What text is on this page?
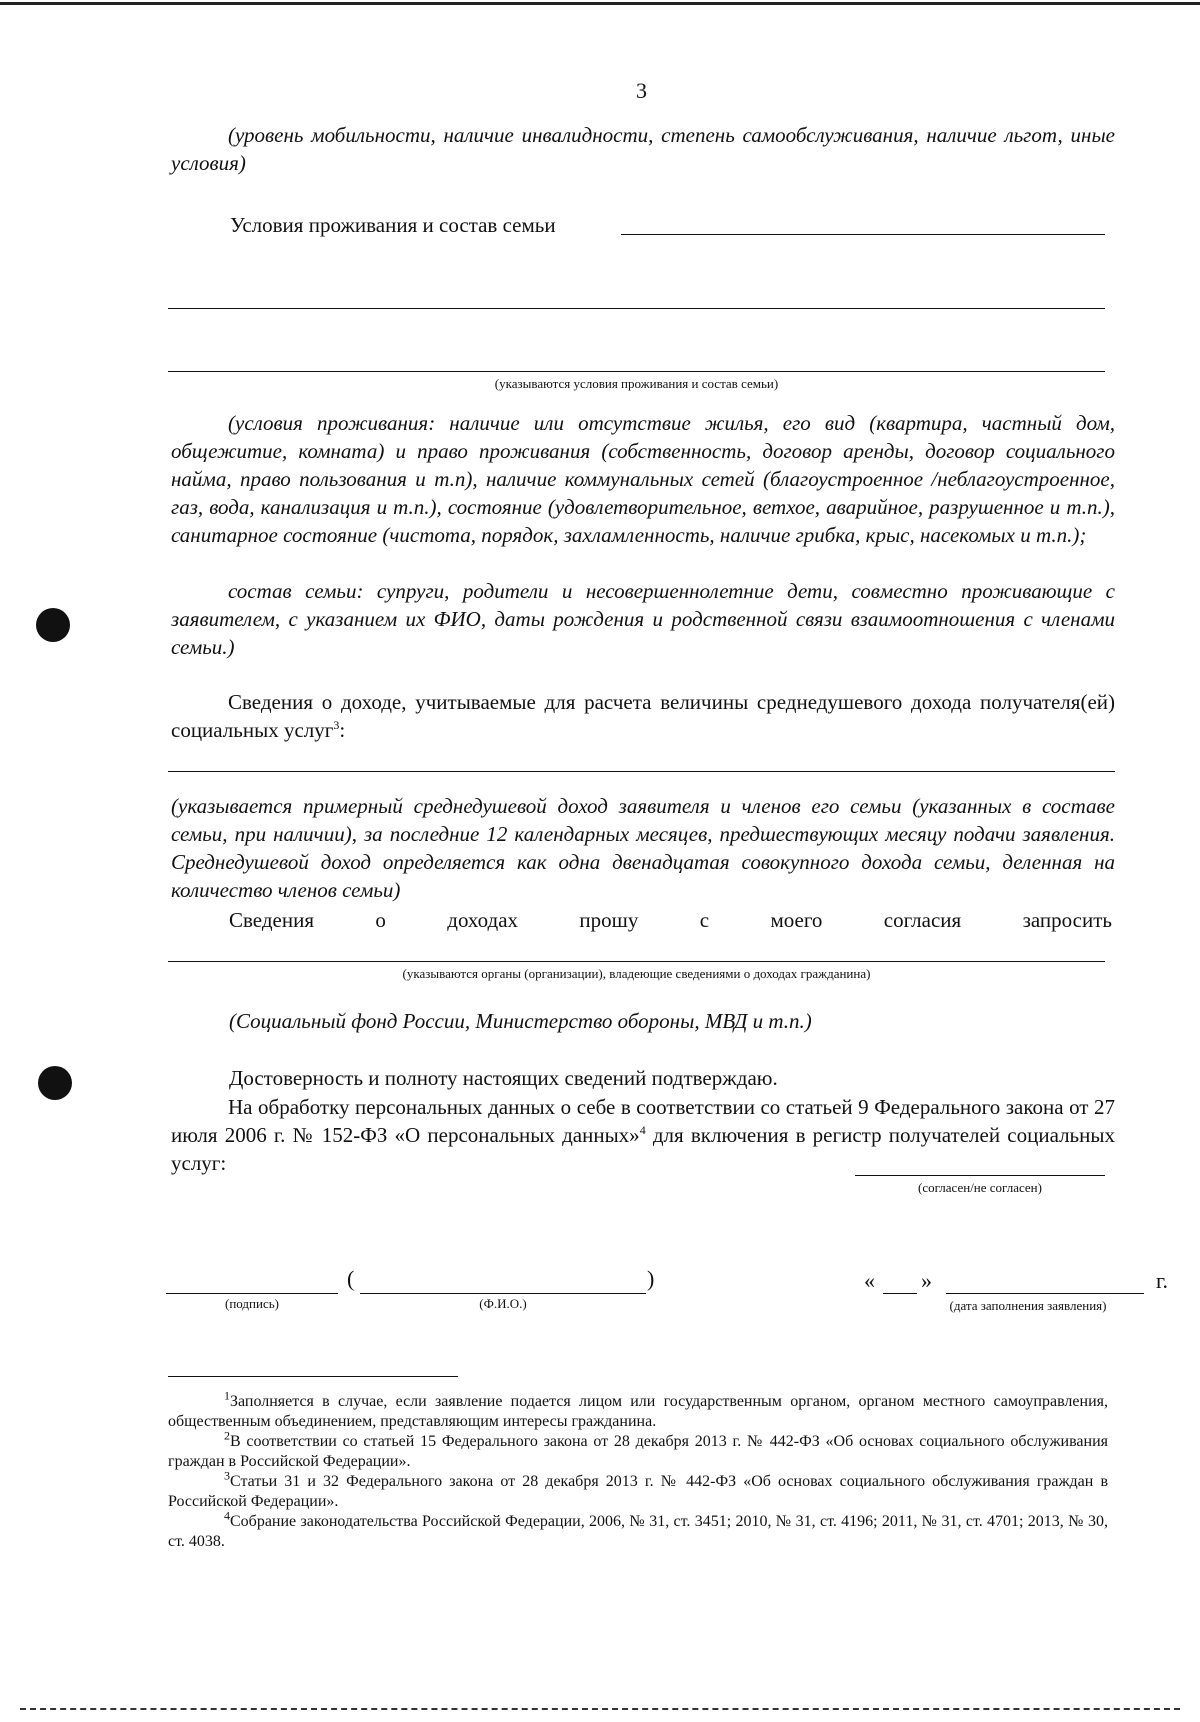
3

(уровень мобильности, наличие инвалидности, степень самообслуживания, наличие льгот, иные условия)

Условия проживания и состав семьи
(указываются условия проживания и состав семьи)

(условия проживания: наличие или отсутствие жилья, его вид (квартира, частный дом, общежитие, комната) и право проживания (собственность, договор аренды, договор социального найма, право пользования и т.п), наличие коммунальных сетей (благоустроенное /неблагоустроенное, газ, вода, канализация и т.п.), состояние (удовлетворительное, ветхое, аварийное, разрушенное и т.п.), санитарное состояние (чистота, порядок, захламленность, наличие грибка, крыс, насекомых и т.п.);

состав семьи: супруги, родители и несовершеннолетние дети, совместно проживающие с заявителем, с указанием их ФИО, даты рождения и родственной связи взаимоотношения с членами семьи.)

Сведения о доходе, учитываемые для расчета величины среднедушевого дохода получателя(ей) социальных услуг$^3$:

(указывается примерный среднедушевой доход заявителя и членов его семьи (указанных в составе семьи, при наличии), за последние 12 календарных месяцев, предшествующих месяцу подачи заявления. Среднедушевой доход определяется как одна двенадцатая совокупного дохода семьи, деленная на количество членов семьи)

Сведения о доходах прошу с моего согласия запросить

(указываются органы (организации), владеющие сведениями о доходах гражданина)

(Социальный фонд России, Министерство обороны, МВД и т.п.)

Достоверность и полноту настоящих сведений подтверждаю.

На обработку персональных данных о себе в соответствии со статьей 9 Федерального закона от 27 июля 2006 г. № 152-ФЗ «О персональных данных»$^4$ для включения в регистр получателей социальных услуг:

(согласен/не согласен)
(подпись)
(	)
(Ф.И.О.)
« »	г.
(дата заполнения заявления)
$^1$Заполняется в случае, если заявление подается лицом или государственным органом, органом местного самоуправления, общественным объединением, представляющим интересы гражданина.
$^2$В соответствии со статьей 15 Федерального закона от 28 декабря 2013 г. № 442-ФЗ «Об основах социального обслуживания граждан в Российской Федерации».
$^3$Статьи 31 и 32 Федерального закона от 28 декабря 2013 г. № 442-ФЗ «Об основах социального обслуживания граждан в Российской Федерации».
$^4$Собрание законодательства Российской Федерации, 2006, № 31, ст. 3451; 2010, № 31, ст. 4196; 2011, № 31, ст. 4701; 2013, № 30, ст. 4038.
